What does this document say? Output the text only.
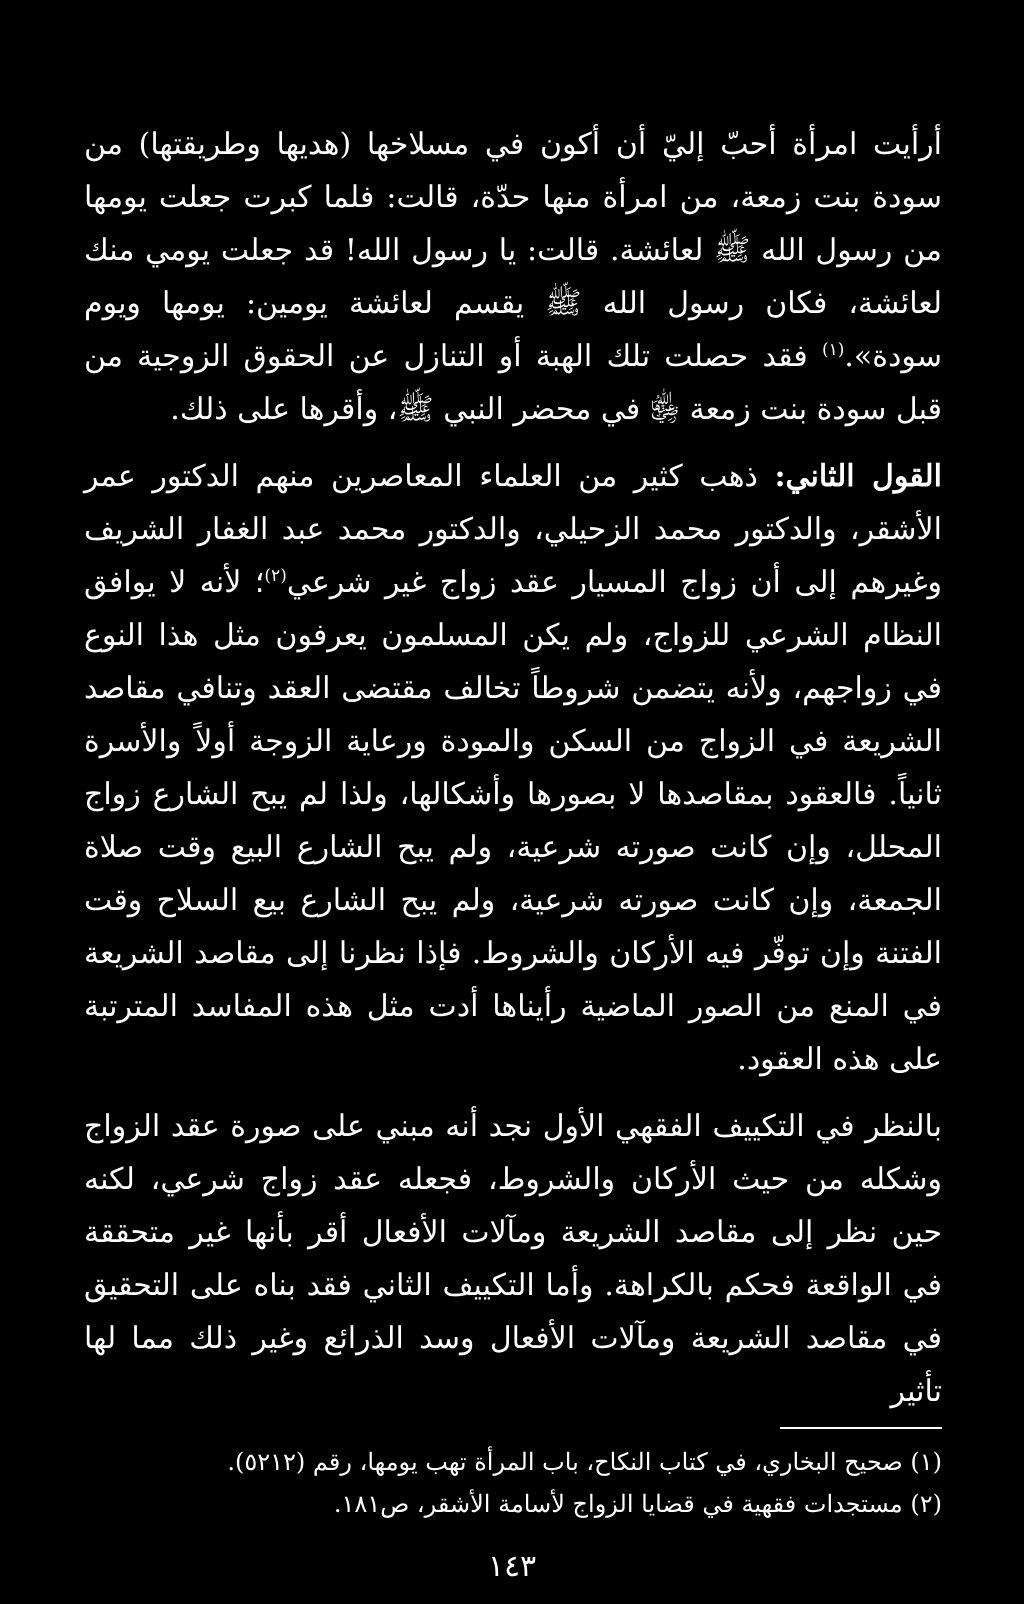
أرأيت امرأة أحبّ إليّ أن أكون في مسلاخها (هديها وطريقتها) من سودة بنت زمعة، من امرأة منها حدّة، قالت: فلما كبرت جعلت يومها من رسول الله ﷺ لعائشة. قالت: يا رسول الله! قد جعلت يومي منك لعائشة، فكان رسول الله ﷺ يقسم لعائشة يومين: يومها ويوم سودة».$^{(١)}$ فقد حصلت تلك الهبة أو التنازل عن الحقوق الزوجية من قبل سودة بنت زمعة ﵂ في محضر النبي ﷺ، وأقرها على ذلك.

القول الثاني: ذهب كثير من العلماء المعاصرين منهم الدكتور عمر الأشقر، والدكتور محمد الزحيلي، والدكتور محمد عبد الغفار الشريف وغيرهم إلى أن زواج المسيار عقد زواج غير شرعي$^{(٢)}$؛ لأنه لا يوافق النظام الشرعي للزواج، ولم يكن المسلمون يعرفون مثل هذا النوع في زواجهم، ولأنه يتضمن شروطاً تخالف مقتضى العقد وتنافي مقاصد الشريعة في الزواج من السكن والمودة ورعاية الزوجة أولاً والأسرة ثانياً. فالعقود بمقاصدها لا بصورها وأشكالها، ولذا لم يبح الشارع زواج المحلل، وإن كانت صورته شرعية، ولم يبح الشارع البيع وقت صلاة الجمعة، وإن كانت صورته شرعية، ولم يبح الشارع بيع السلاح وقت الفتنة وإن توفّر فيه الأركان والشروط. فإذا نظرنا إلى مقاصد الشريعة في المنع من الصور الماضية رأيناها أدت مثل هذه المفاسد المترتبة على هذه العقود.

بالنظر في التكييف الفقهي الأول نجد أنه مبني على صورة عقد الزواج وشكله من حيث الأركان والشروط، فجعله عقد زواج شرعي، لكنه حين نظر إلى مقاصد الشريعة ومآلات الأفعال أقر بأنها غير متحققة في الواقعة فحكم بالكراهة. وأما التكييف الثاني فقد بناه على التحقيق في مقاصد الشريعة ومآلات الأفعال وسد الذرائع وغير ذلك مما لها تأثير

(١) صحيح البخاري، في كتاب النكاح، باب المرأة تهب يومها، رقم (٥٢١٢).

(٢) مستجدات فقهية في قضايا الزواج لأسامة الأشقر، ص١٨١.

١٤٣
